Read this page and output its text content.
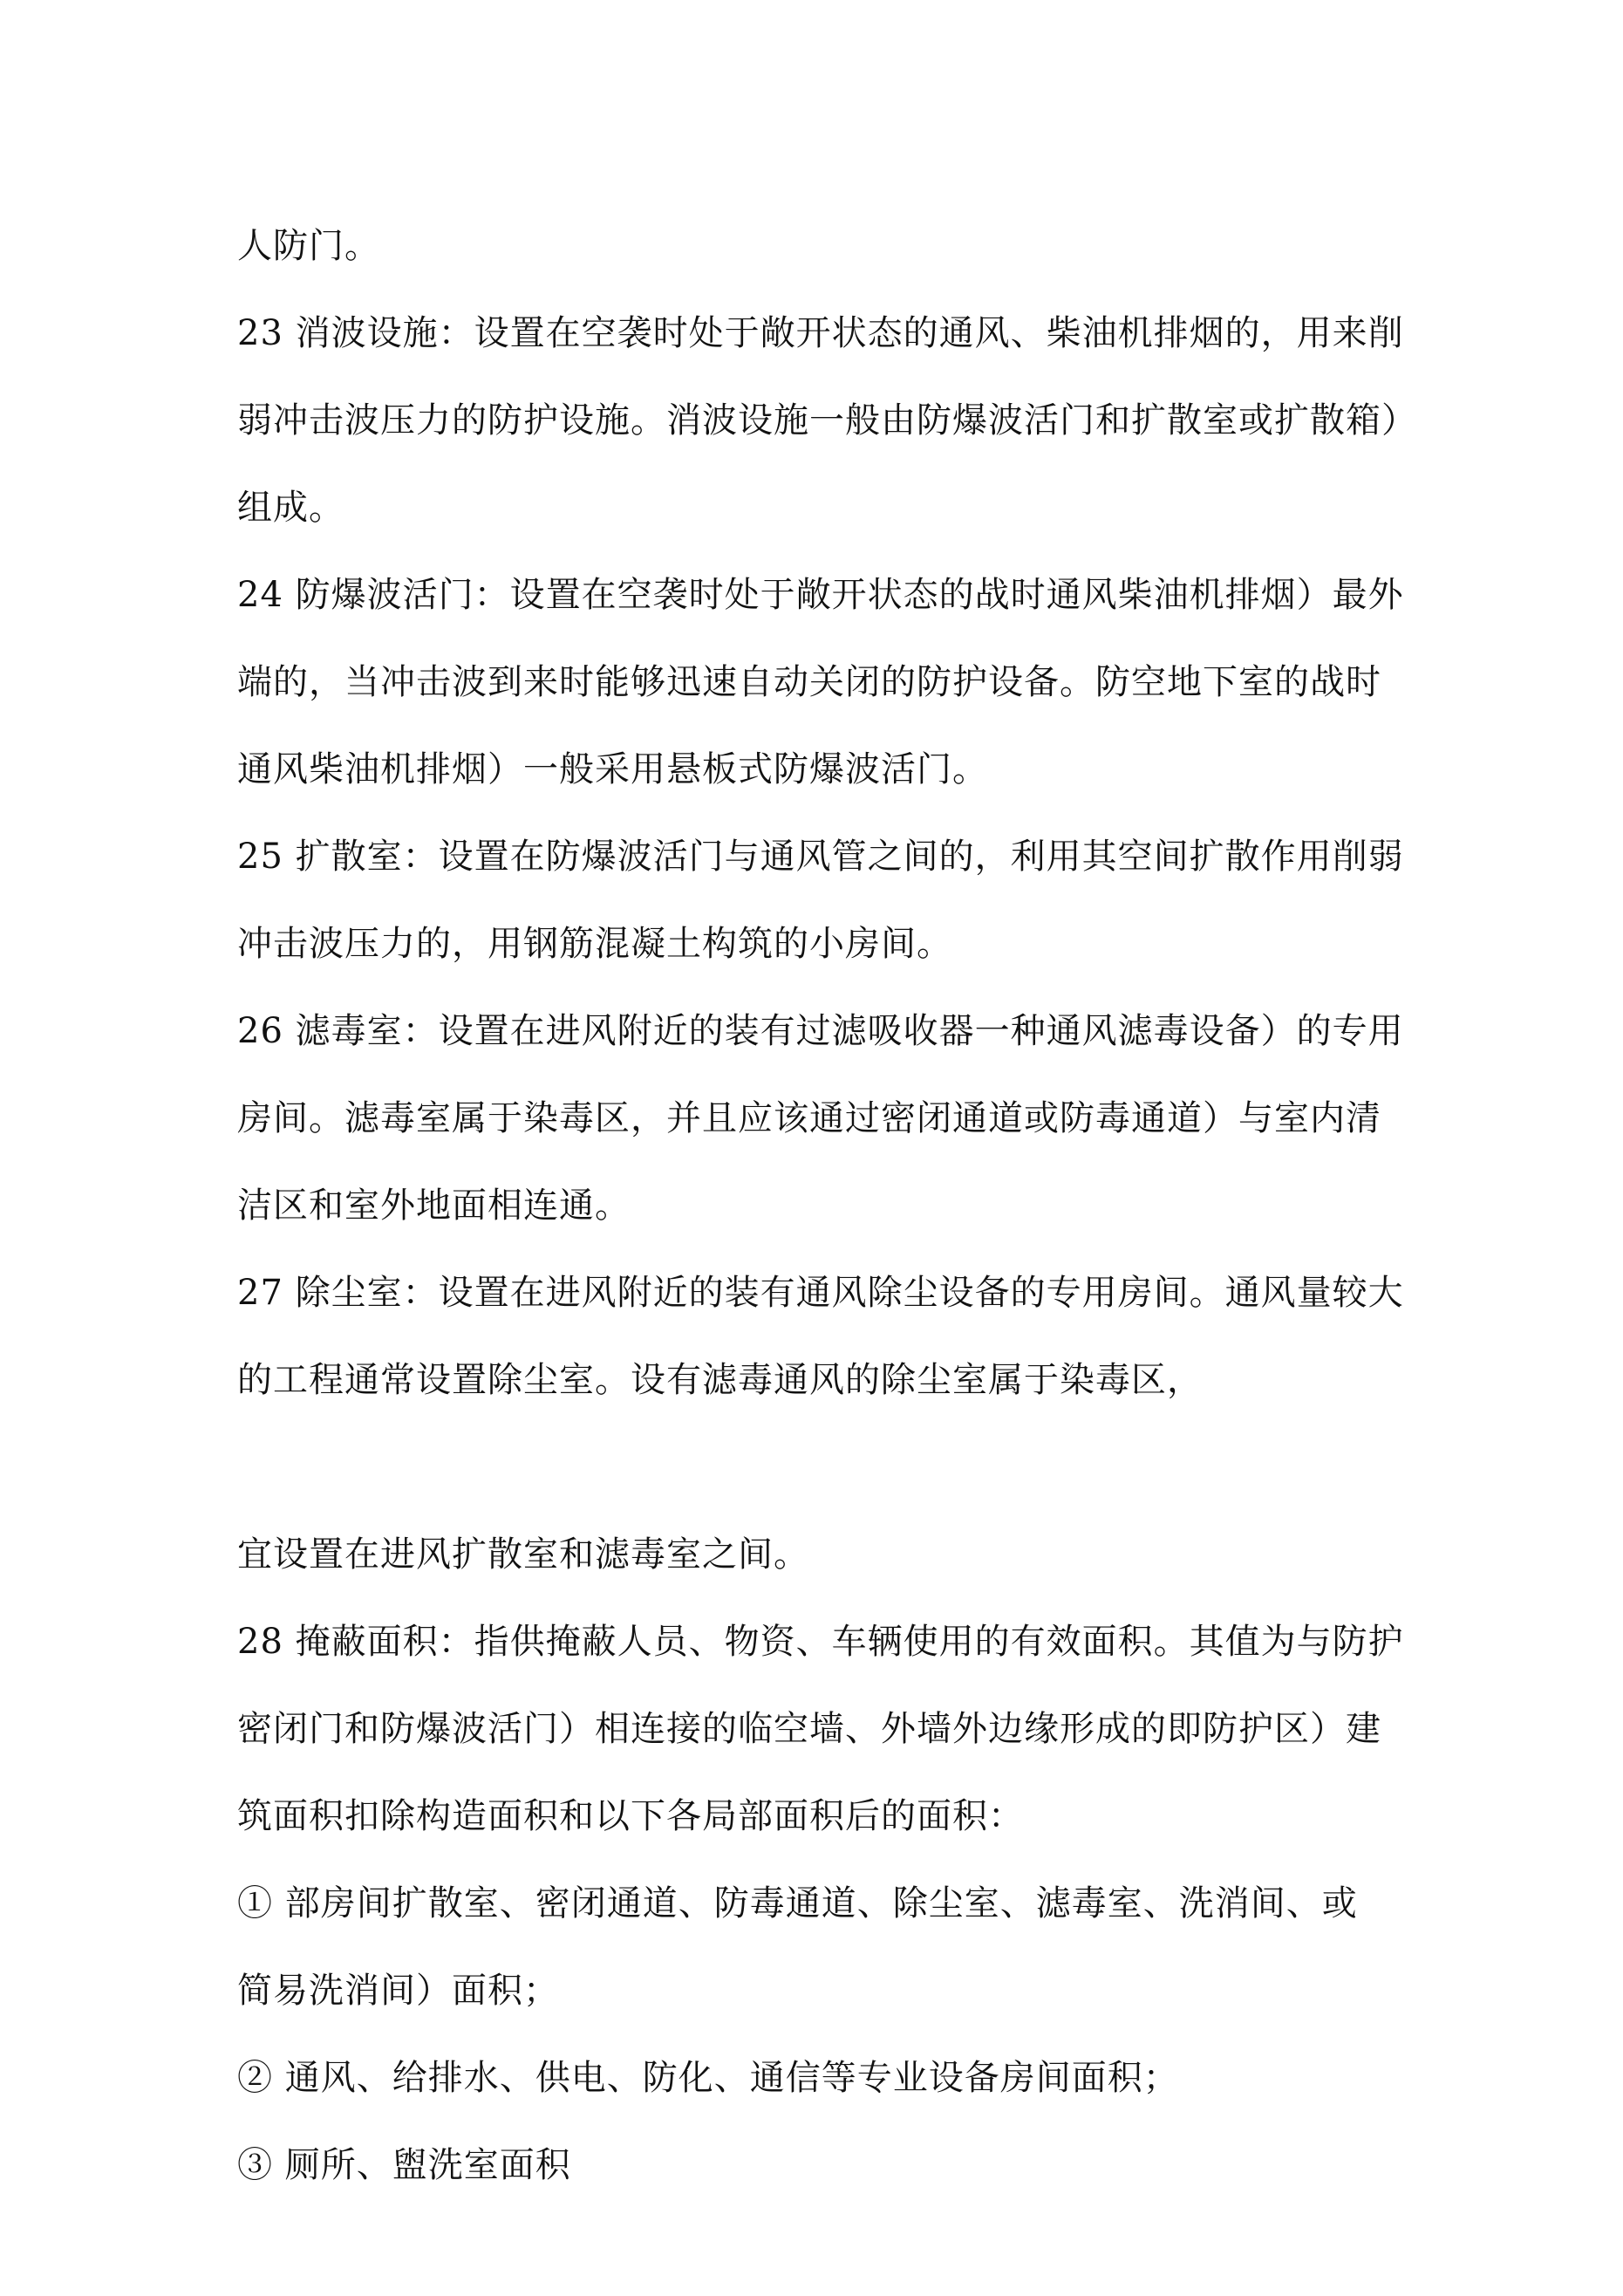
人防门。
23 消波设施：设置在空袭时处于敞开状态的通风、柴油机排烟的，用来削
弱冲击波压力的防护设施。消波设施一般由防爆波活门和扩散室或扩散箱）
组成。
24 防爆波活门：设置在空袭时处于敞开状态的战时通风柴油机排烟）最外
端的，当冲击波到来时能够迅速自动关闭的防护设备。防空地下室的战时
通风柴油机排烟）一般采用悬板式防爆波活门。
25 扩散室：设置在防爆波活门与通风管之间的，利用其空间扩散作用削弱
冲击波压力的，用钢筋混凝土构筑的小房间。
26 滤毒室：设置在进风附近的装有过滤吸收器一种通风滤毒设备）的专用
房间。滤毒室属于染毒区，并且应该通过密闭通道或防毒通道）与室内清
洁区和室外地面相连通。
27 除尘室：设置在进风附近的装有通风除尘设备的专用房间。通风量较大
的工程通常设置除尘室。设有滤毒通风的除尘室属于染毒区，
宜设置在进风扩散室和滤毒室之间。
28 掩蔽面积：指供掩蔽人员、物资、车辆使用的有效面积。其值为与防护
密闭门和防爆波活门）相连接的临空墙、外墙外边缘形成的即防护区）建
筑面积扣除构造面积和以下各局部面积后的面积：
① 部房间扩散室、密闭通道、防毒通道、除尘室、滤毒室、洗消间、或
简易洗消间）面积；
② 通风、给排水、供电、防化、通信等专业设备房间面积；
③ 厕所、盥洗室面积
